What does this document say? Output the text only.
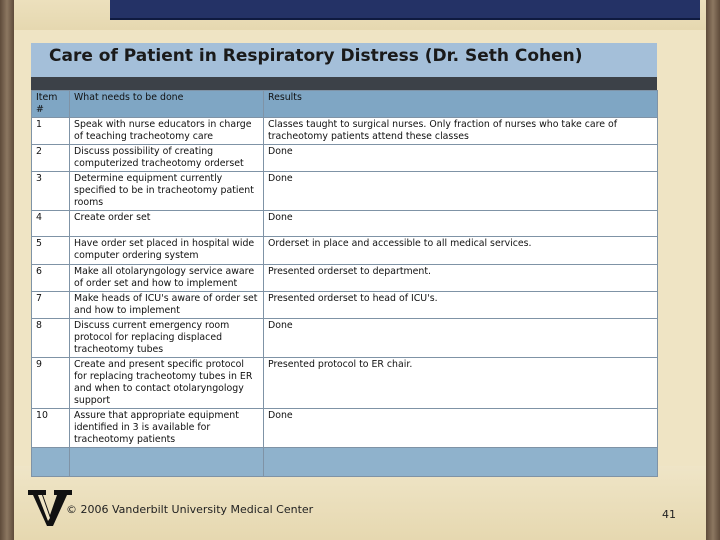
Care of Patient in Respiratory Distress (Dr. Seth Cohen)
Item #	What needs to be done	Results
1	Speak with nurse educators in charge of teaching tracheotomy care	Classes taught to surgical nurses. Only fraction of nurses who take care of tracheotomy patients attend these classes
2	Discuss possibility of creating computerized tracheotomy orderset	Done
3	Determine equipment currently specified to be in tracheotomy patient rooms	Done
4	Create order set	Done
5	Have order set placed in hospital wide computer ordering system	Orderset in place and accessible to all medical services.
6	Make all otolaryngology service aware of order set and how to implement	Presented orderset to department.
7	Make heads of ICU's aware of order set and how to implement	Presented orderset to head of ICU's.
8	Discuss current emergency room protocol for replacing displaced tracheotomy tubes	Done
9	Create and present specific protocol for replacing tracheotomy tubes in ER and when to contact otolaryngology support	Presented protocol to ER chair.
10	Assure that appropriate equipment identified in 3 is available for tracheotomy patients	Done

© 2006 Vanderbilt University Medical Center	41
